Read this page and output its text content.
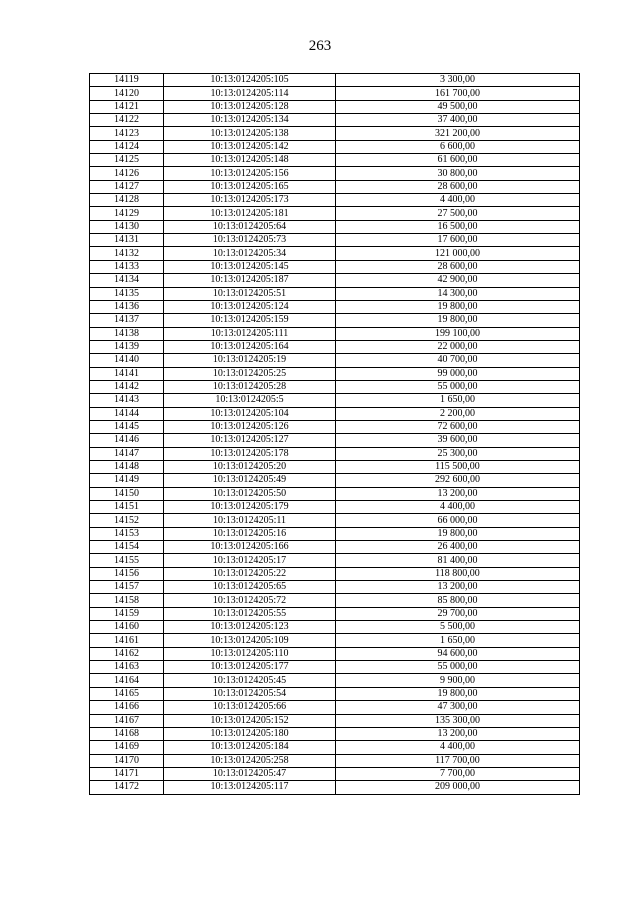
263
14119	10:13:0124205:105	3 300,00
14120	10:13:0124205:114	161 700,00
14121	10:13:0124205:128	49 500,00
14122	10:13:0124205:134	37 400,00
14123	10:13:0124205:138	321 200,00
14124	10:13:0124205:142	6 600,00
14125	10:13:0124205:148	61 600,00
14126	10:13:0124205:156	30 800,00
14127	10:13:0124205:165	28 600,00
14128	10:13:0124205:173	4 400,00
14129	10:13:0124205:181	27 500,00
14130	10:13:0124205:64	16 500,00
14131	10:13:0124205:73	17 600,00
14132	10:13:0124205:34	121 000,00
14133	10:13:0124205:145	28 600,00
14134	10:13:0124205:187	42 900,00
14135	10:13:0124205:51	14 300,00
14136	10:13:0124205:124	19 800,00
14137	10:13:0124205:159	19 800,00
14138	10:13:0124205:111	199 100,00
14139	10:13:0124205:164	22 000,00
14140	10:13:0124205:19	40 700,00
14141	10:13:0124205:25	99 000,00
14142	10:13:0124205:28	55 000,00
14143	10:13:0124205:5	1 650,00
14144	10:13:0124205:104	2 200,00
14145	10:13:0124205:126	72 600,00
14146	10:13:0124205:127	39 600,00
14147	10:13:0124205:178	25 300,00
14148	10:13:0124205:20	115 500,00
14149	10:13:0124205:49	292 600,00
14150	10:13:0124205:50	13 200,00
14151	10:13:0124205:179	4 400,00
14152	10:13:0124205:11	66 000,00
14153	10:13:0124205:16	19 800,00
14154	10:13:0124205:166	26 400,00
14155	10:13:0124205:17	81 400,00
14156	10:13:0124205:22	118 800,00
14157	10:13:0124205:65	13 200,00
14158	10:13:0124205:72	85 800,00
14159	10:13:0124205:55	29 700,00
14160	10:13:0124205:123	5 500,00
14161	10:13:0124205:109	1 650,00
14162	10:13:0124205:110	94 600,00
14163	10:13:0124205:177	55 000,00
14164	10:13:0124205:45	9 900,00
14165	10:13:0124205:54	19 800,00
14166	10:13:0124205:66	47 300,00
14167	10:13:0124205:152	135 300,00
14168	10:13:0124205:180	13 200,00
14169	10:13:0124205:184	4 400,00
14170	10:13:0124205:258	117 700,00
14171	10:13:0124205:47	7 700,00
14172	10:13:0124205:117	209 000,00
